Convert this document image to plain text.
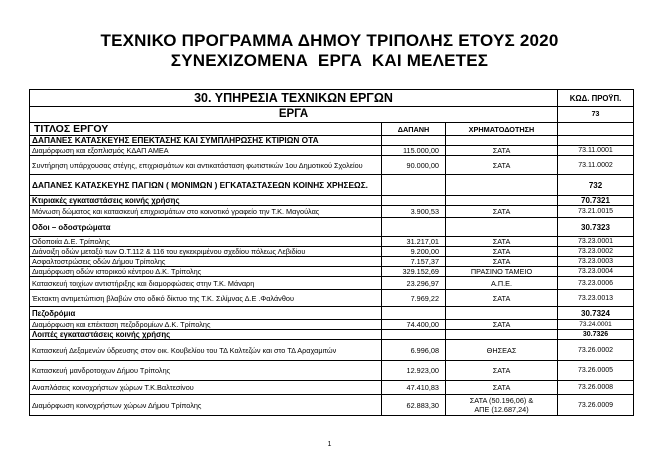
ΤΕΧΝΙΚΟ ΠΡΟΓΡΑΜΜΑ ΔΗΜΟΥ ΤΡΙΠΟΛΗΣ ΕΤΟΥΣ 2020
ΣΥΝΕΧΙΖΟΜΕΝΑ  ΕΡΓΑ  ΚΑΙ ΜΕΛΕΤΕΣ
30. ΥΠΗΡΕΣΙΑ ΤΕΧΝΙΚΩΝ ΕΡΓΩΝ			ΚΩΔ. ΠΡΟΫΠ.
ΕΡΓΑ			73
ΤΙΤΛΟΣ ΕΡΓΟΥ	ΔΑΠΑΝΗ	ΧΡΗΜΑΤΟΔΟΤΗΣΗ	
ΔΑΠΑΝΕΣ ΚΑΤΑΣΚΕΥΗΣ ΕΠΕΚΤΑΣΗΣ ΚΑΙ ΣΥΜΠΛΗΡΩΣΗΣ ΚΤΙΡΙΩΝ ΟΤΑ			
Διαμόρφωση και εξοπλισμός ΚΔΑΠ ΑΜΕΑ	115.000,00	ΣΑΤΑ	73.11.0001
Συντήρηση υπάρχουσας στέγης, επιχρισμάτων και αντικατάσταση φωτιστικών 1ου Δημοτικού Σχολείου	90.000,00	ΣΑΤΑ	73.11.0002
ΔΑΠΑΝΕΣ ΚΑΤΑΣΚΕΥΗΣ ΠΑΓΙΩΝ ( ΜΟΝΙΜΩΝ ) ΕΓΚΑΤΑΣΤΑΣΕΩΝ ΚΟΙΝΗΣ ΧΡΗΣΕΩΣ.			732
Κτιριακές εγκαταστάσεις κοινής χρήσης			70.7321
Μόνωση δώματος και κατασκευή επιχρισμάτων στο κοινοτικό γραφείο την Τ.Κ. Μαγούλας	3.900,53	ΣΑΤΑ	73.21.0015
Οδοι – οδοστρώματα			30.7323
Οδοποιία Δ.Ε. Τρίπολης	31.217,01	ΣΑΤΑ	73.23.0001
Διάνοιξη οδών μεταξύ των Ο.Τ.112 & 116 του εγκεκριμένου σχεδίου πόλεως Λεβιδίου	9.200,00	ΣΑΤΑ	73.23.0002
Ασφαλτοστρώσεις οδών Δήμου Τρίπολης	7.157,37	ΣΑΤΑ	73.23.0003
Διαμόρφωση οδών ιστορικού κέντρου Δ.Κ. Τρίπολης	329.152,69	ΠΡΑΣΙΝΟ ΤΑΜΕΙΟ	73.23.0004
Κατασκευή τοιχίων αντιστήριξης και διαμορφώσεις στην Τ.Κ. Μάναρη	23.296,97	Α.Π.Ε.	73.23.0006
Έκτακτη αντιμετώπιση βλαβών στο οδικό δίκτυο της Τ.Κ. Σιλίμνας Δ.Ε .Φαλάνθου	7.969,22	ΣΑΤΑ	73.23.0013
Πεζοδρόμια			30.7324
Διαμόρφωση και επέκταση πεζοδρομίων Δ.Κ. Τρίπολης	74.400,00	ΣΑΤΑ	73.24.0001
Λοιπές εγκαταστάσεις κοινής χρήσης			30.7326
Κατασκευή Δεξαμενών ύδρευσης στον οικ. Κουβελίου του ΤΔ Καλτεζών και στο ΤΔ Αραχαμιτών	6.996,08	ΘΗΣΕΑΣ	73.26.0002
Κατασκευή μανδροτοιχων Δήμου Τρίπολης	12.923,00	ΣΑΤΑ	73.26.0005
Αναπλάσεις κοινοχρήστων χώρων Τ.Κ.Βαλτεσίνου	47.410,83	ΣΑΤΑ	73.26.0008
Διαμόρφωση κοινοχρήστων χώρων Δήμου Τρίπολης	62.883,30	ΣΑΤΑ (50.196,06) &
ΑΠΕ (12.687,24)	73.26.0009
1
